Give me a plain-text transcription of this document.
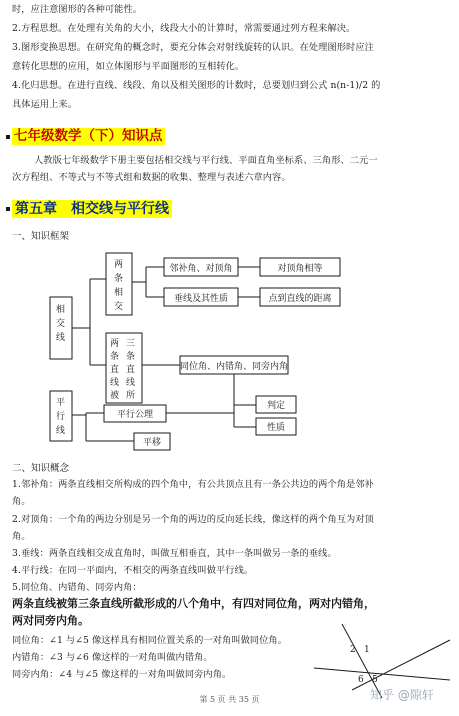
时，应注意图形的各种可能性。

2.方程思想。在处理有关角的大小，线段大小的计算时，常需要通过列方程来解决。

3.图形变换思想。在研究角的概念时，要充分体会对射线旋转的认识。在处理图形时应注

意转化思想的应用，如立体图形与平面图形的互相转化。

4.化归思想。在进行直线、线段、角以及相关图形的计数时，总要划归到公式 n(n-1)/2 的

具体运用上来。

七年级数学（下）知识点

人教版七年级数学下册主要包括相交线与平行线、平面直角坐标系、三角形、二元一

次方程组、不等式与不等式组和数据的收集、整理与表述六章内容。

第五章　相交线与平行线
一、知识框架
相交线
两条相交
邻补角、对顶角	对顶角相等
垂线及其性质	点到直线的距离
两条直线被 三条直线所
同位角、内错角、同旁内角
平行线
平行公理
判定
性质
平移
二、知识概念

1.邻补角：两条直线相交所构成的四个角中，有公共顶点且有一条公共边的两个角是邻补

角。

2.对顶角：一个角的两边分别是另一个角的两边的反向延长线，像这样的两个角互为对顶

角。

3.垂线：两条直线相交成直角时，叫做互相垂直，其中一条叫做另一条的垂线。

4.平行线：在同一平面内，不相交的两条直线叫做平行线。

5.同位角、内错角、同旁内角：

两条直线被第三条直线所截形成的八个角中，有四对同位角，两对内错角，
两对同旁内角。

同位角：∠1 与∠5 像这样具有相同位置关系的一对角叫做同位角。

内错角：∠3 与∠6 像这样的一对角叫做内错角。

同旁内角：∠4 与∠5 像这样的一对角叫做同旁内角。

2 1
6 5
第 5 页 共 35 页	知乎 @隙轩
